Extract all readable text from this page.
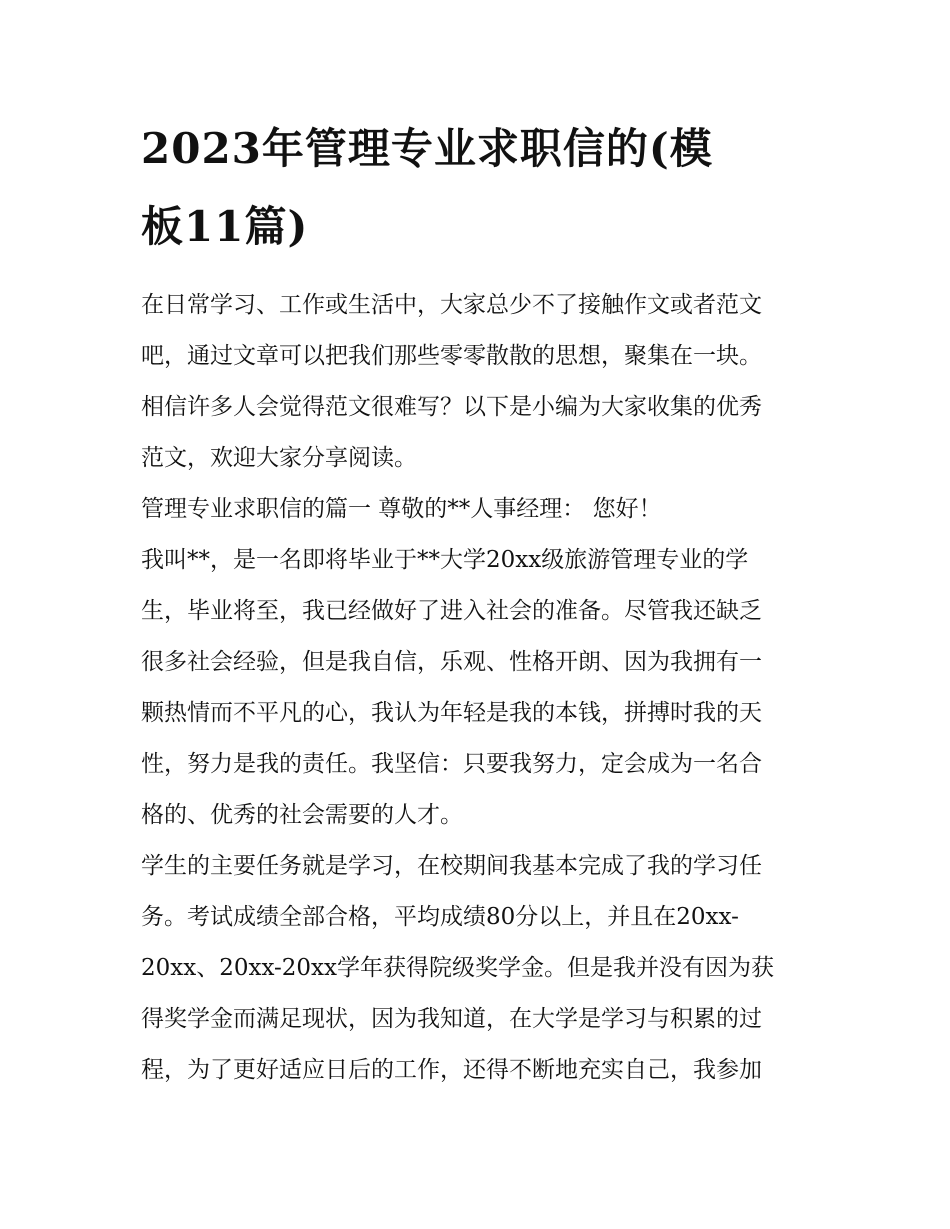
2023年管理专业求职信的(模
板11篇)

在日常学习、工作或生活中，大家总少不了接触作文或者范文
吧，通过文章可以把我们那些零零散散的思想，聚集在一块。
相信许多人会觉得范文很难写？以下是小编为大家收集的优秀
范文，欢迎大家分享阅读。

管理专业求职信的篇一 尊敬的**人事经理： 您好！

我叫**，是一名即将毕业于**大学20xx级旅游管理专业的学
生，毕业将至，我已经做好了进入社会的准备。尽管我还缺乏
很多社会经验，但是我自信，乐观、性格开朗、因为我拥有一
颗热情而不平凡的心，我认为年轻是我的本钱，拼搏时我的天
性，努力是我的责任。我坚信：只要我努力，定会成为一名合
格的、优秀的社会需要的人才。

学生的主要任务就是学习，在校期间我基本完成了我的学习任
务。考试成绩全部合格，平均成绩80分以上，并且在20xx-
20xx、20xx-20xx学年获得院级奖学金。但是我并没有因为获
得奖学金而满足现状，因为我知道，在大学是学习与积累的过
程，为了更好适应日后的工作，还得不断地充实自己，我参加
